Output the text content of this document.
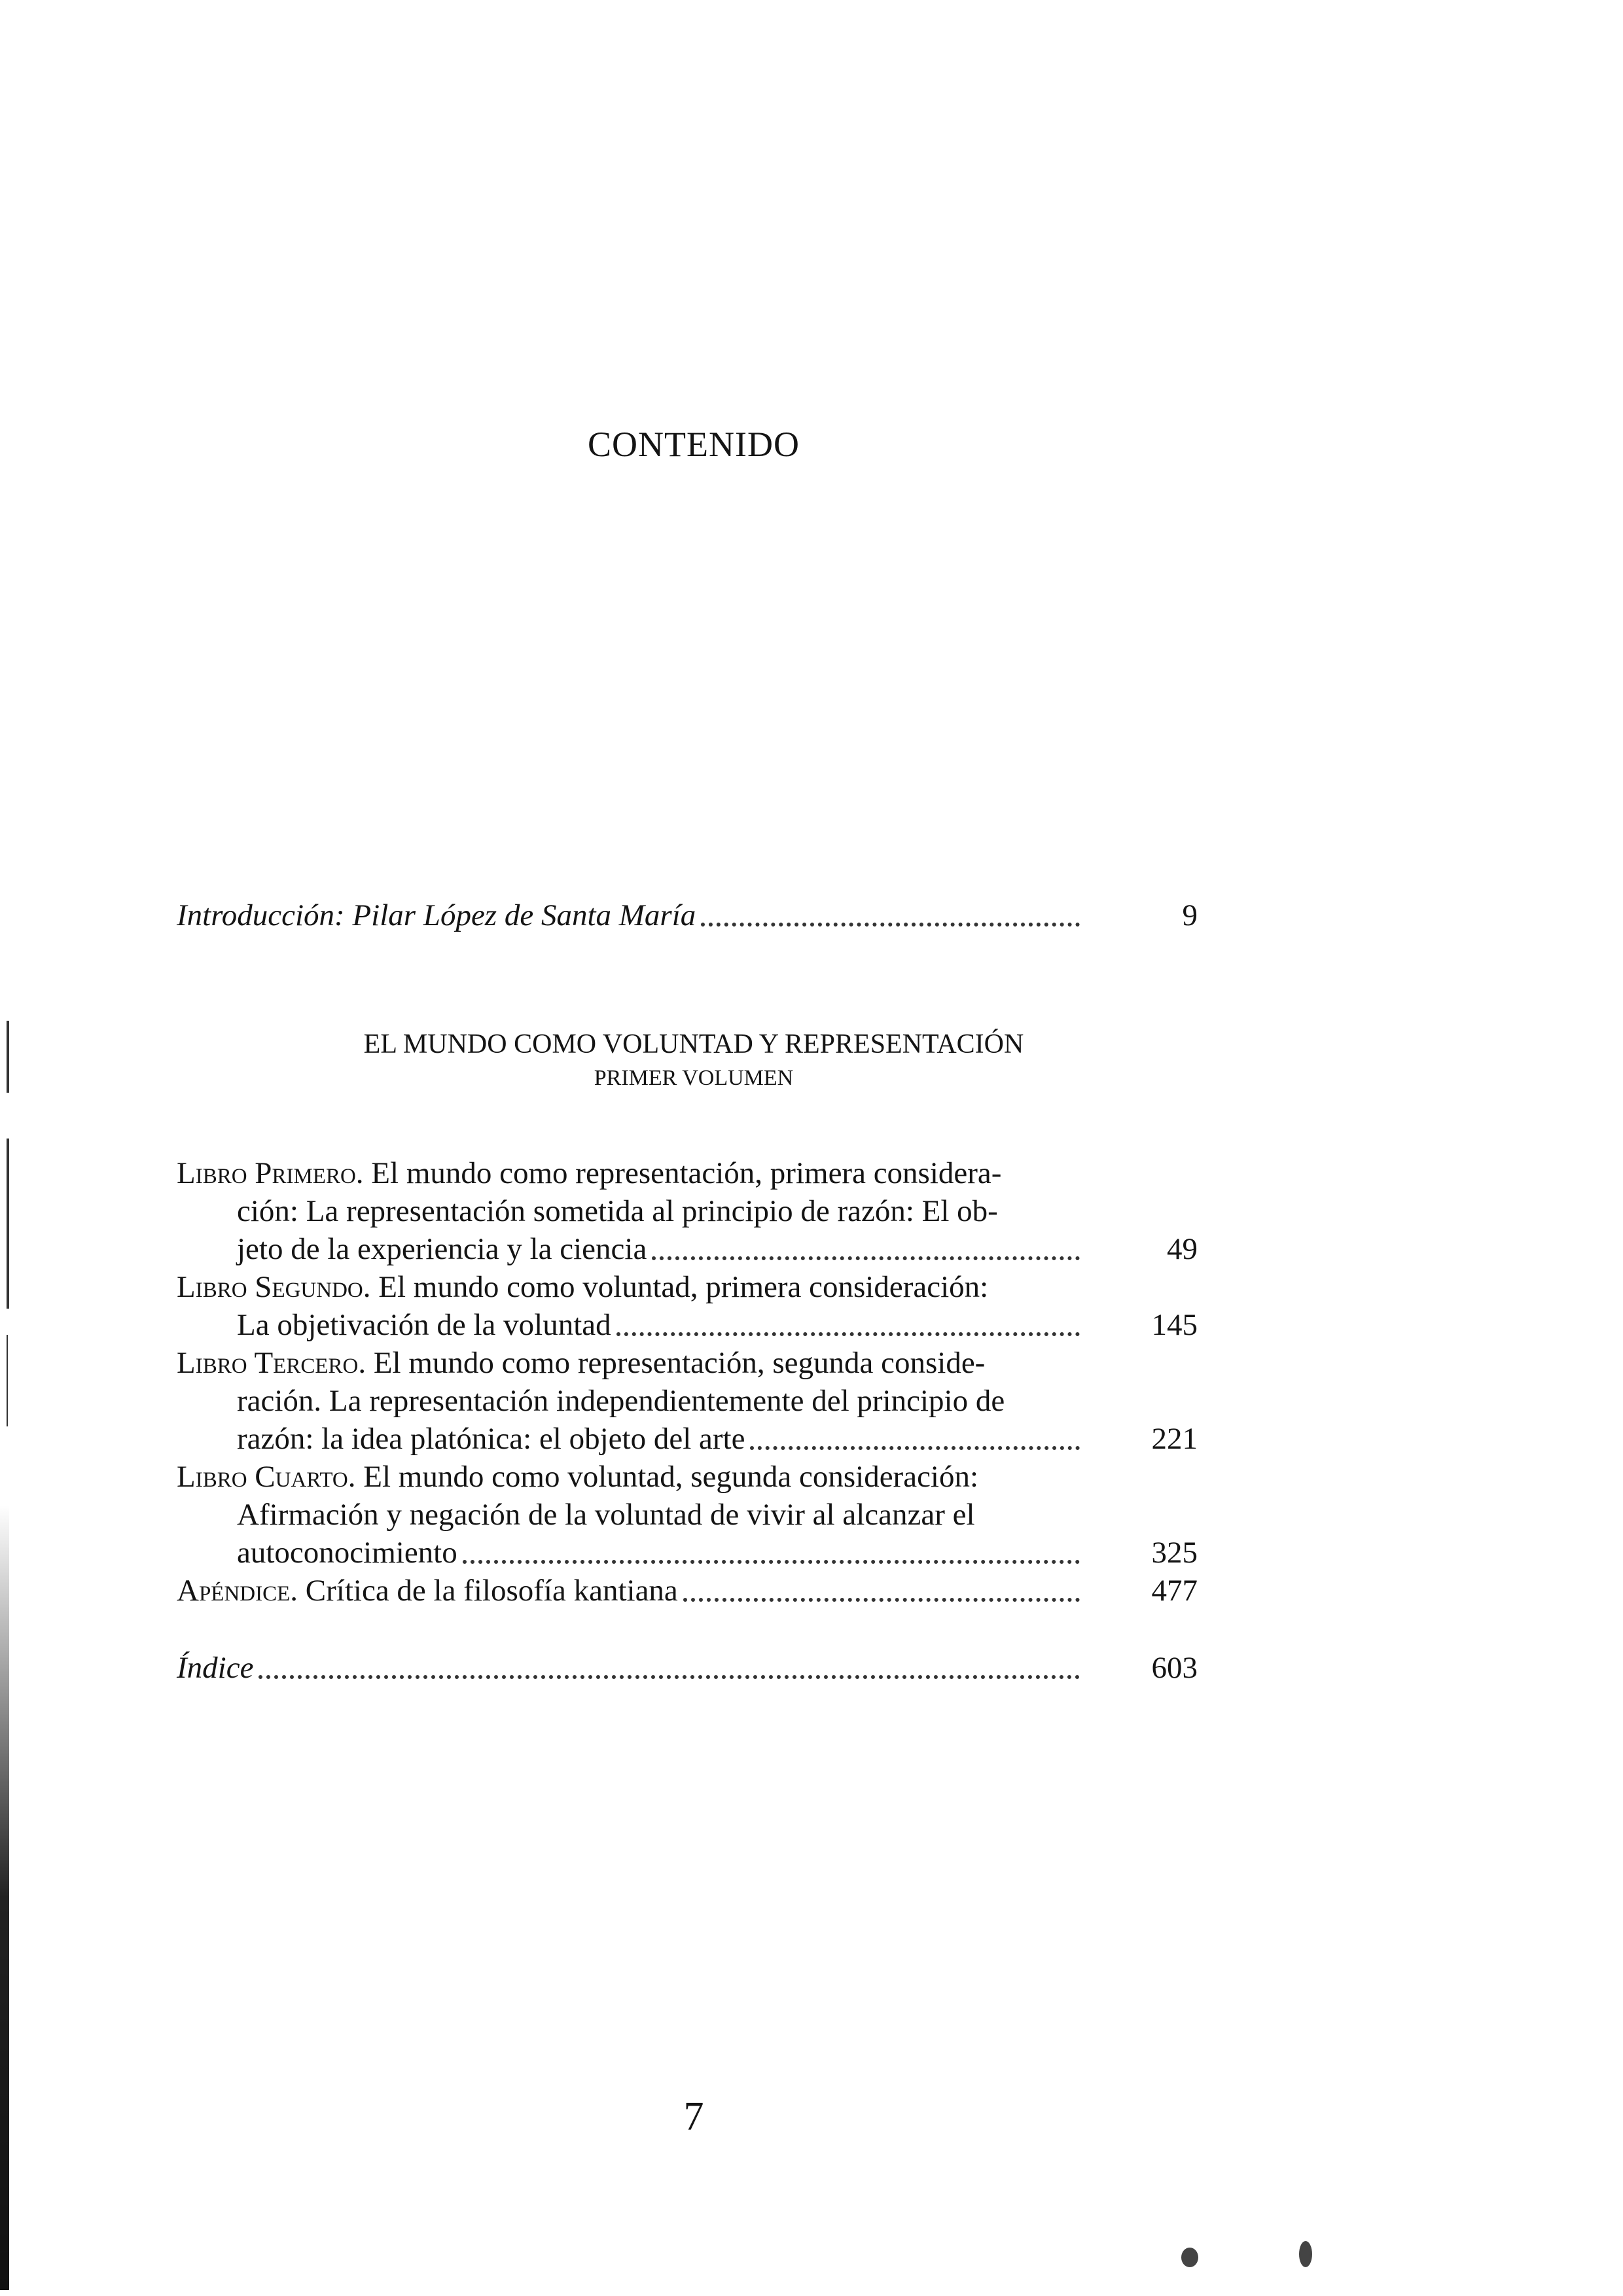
CONTENIDO
Introducción: Pilar López de Santa María	9
EL MUNDO COMO VOLUNTAD Y REPRESENTACIÓN
PRIMER VOLUMEN
Libro Primero. El mundo como representación, primera considera-
ción: La representación sometida al principio de razón: El ob-
jeto de la experiencia y la ciencia	49
Libro Segundo. El mundo como voluntad, primera consideración:
La objetivación de la voluntad	145
Libro Tercero. El mundo como representación, segunda conside-
ración. La representación independientemente del principio de
razón: la idea platónica: el objeto del arte	221
Libro Cuarto. El mundo como voluntad, segunda consideración:
Afirmación y negación de la voluntad de vivir al alcanzar el
autoconocimiento	325
Apéndice. Crítica de la filosofía kantiana	477
Índice	603
7
